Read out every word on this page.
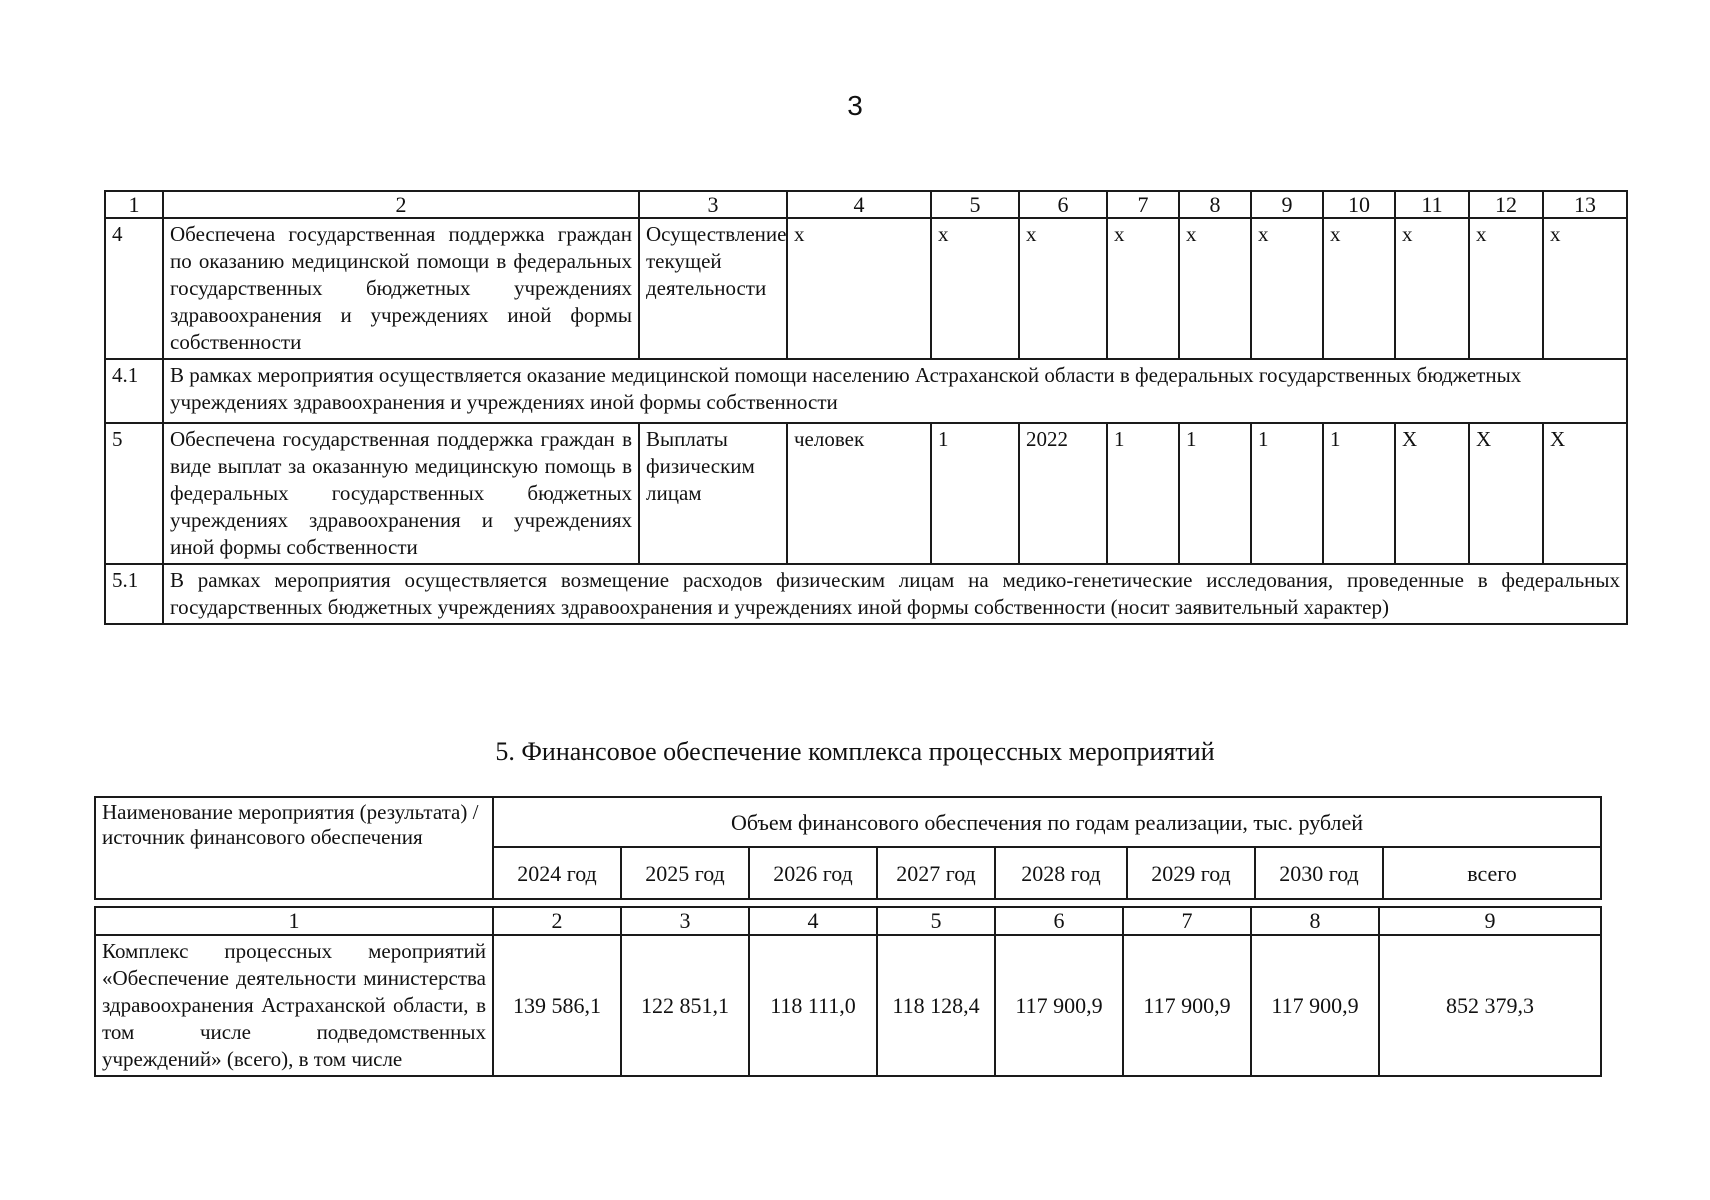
3
1	2	3	4	5	6	7	8	9	10	11	12	13
4	Обеспечена государственная поддержка граждан по оказанию медицинской помощи в федеральных государственных бюджетных учреждениях здравоохранения и учреждениях иной формы собственности	Осуществление текущей деятельности	х	х	х	х	х	х	х	х	х	х
4.1	В рамках мероприятия осуществляется оказание медицинской помощи населению Астраханской области в федеральных государственных бюджетных учреждениях здравоохранения и учреждениях иной формы собственности											
5	Обеспечена государственная поддержка граждан в виде выплат за оказанную медицинскую помощь в федеральных государственных бюджетных учреждениях здравоохранения и учреждениях иной формы собственности	Выплаты физическим лицам	человек	1	2022	1	1	1	1	Х	Х	Х
5.1	В рамках мероприятия осуществляется возмещение расходов физическим лицам на медико-генетические исследования, проведенные в федеральных государственных бюджетных учреждениях здравоохранения и учреждениях иной формы собственности (носит заявительный характер)											
5. Финансовое обеспечение комплекса процессных мероприятий
Наименование мероприятия (результата) / источник финансового обеспечения	Объем финансового обеспечения по годам реализации, тыс. рублей							
	2024 год	2025 год	2026 год	2027 год	2028 год	2029 год	2030 год	всего
1	2	3	4	5	6	7	8	9
Комплекс процессных мероприятий «Обеспечение деятельности министерства здравоохранения Астраханской области, в том числе подведомственных учреждений» (всего), в том числе	139 586,1	122 851,1	118 111,0	118 128,4	117 900,9	117 900,9	117 900,9	852 379,3
